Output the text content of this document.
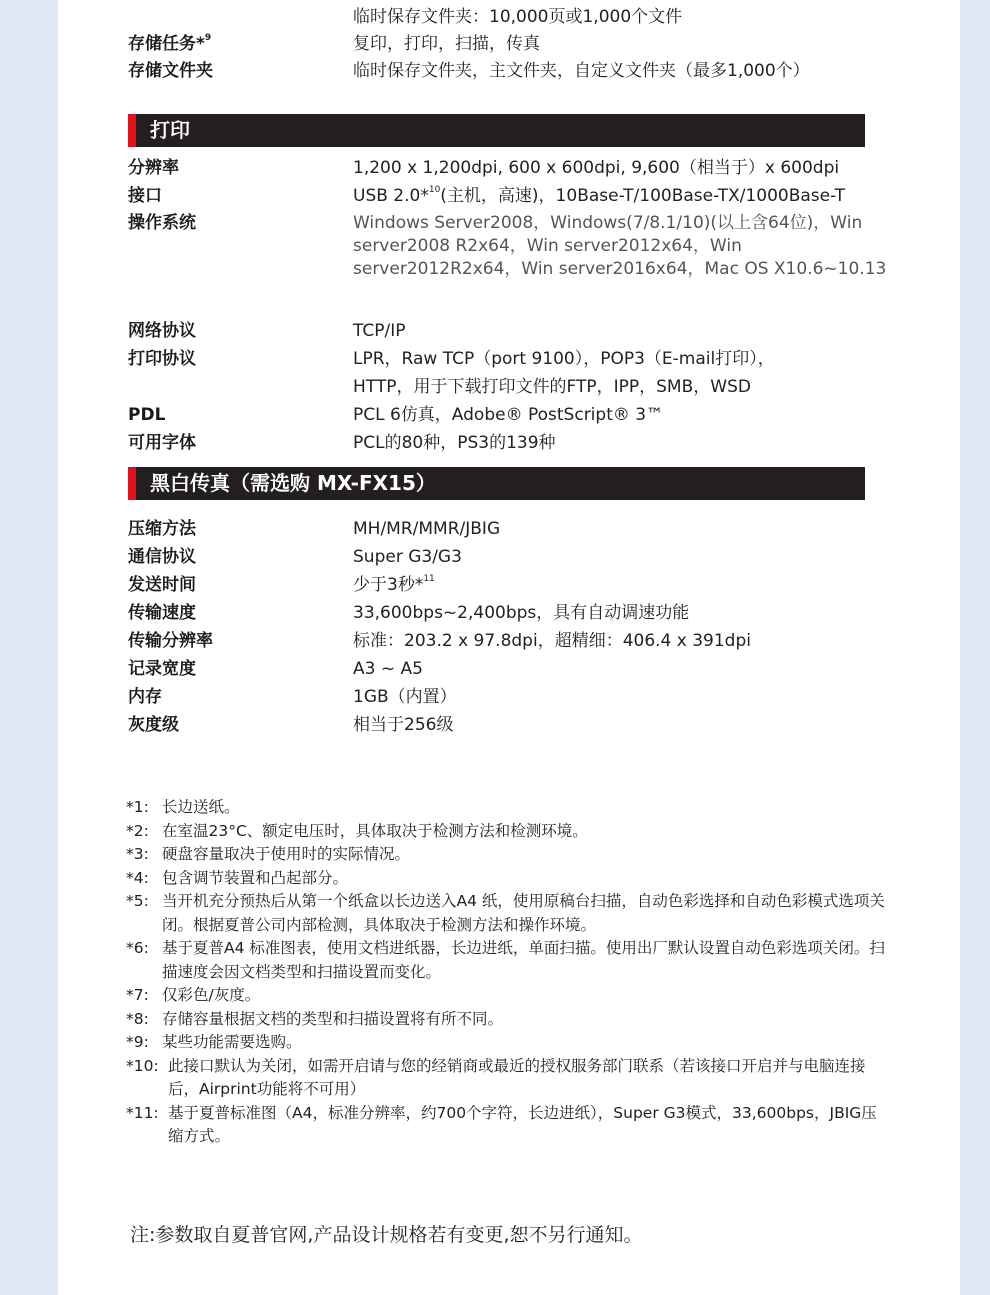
临时保存文件夹：10,000页或1,000个文件
存储任务*$^9$	复印，打印，扫描，传真
存储文件夹	临时保存文件夹，主文件夹，自定义文件夹（最多1,000个）
打印
分辨率	1,200 x 1,200dpi, 600 x 600dpi, 9,600（相当于）x 600dpi
接口	USB 2.0*$^{10}$(主机，高速)，10Base-T/100Base-TX/1000Base-T
操作系统	Windows Server2008，Windows(7/8.1/10)(以上含64位)，Win server2008 R2x64，Win server2012x64，Win server2012R2x64，Win server2016x64，Mac OS X10.6~10.13
网络协议	TCP/IP
打印协议	LPR，Raw TCP（port 9100），POP3（E-mail打印），HTTP，用于下载打印文件的FTP，IPP，SMB，WSD
PDL	PCL 6仿真，Adobe® PostScript® 3™
可用字体	PCL的80种，PS3的139种
黑白传真（需选购 MX-FX15）
压缩方法	MH/MR/MMR/JBIG
通信协议	Super G3/G3
发送时间	少于3秒*$^{11}$
传输速度	33,600bps~2,400bps，具有自动调速功能
传输分辨率	标准：203.2 x 97.8dpi，超精细：406.4 x 391dpi
记录宽度	A3 ~ A5
内存	1GB（内置）
灰度级	相当于256级
*1: 长边送纸。
*2: 在室温23°C、额定电压时，具体取决于检测方法和检测环境。
*3: 硬盘容量取决于使用时的实际情况。
*4: 包含调节装置和凸起部分。
*5: 当开机充分预热后从第一个纸盒以长边送入A4 纸，使用原稿台扫描，自动色彩选择和自动色彩模式选项关闭。根据夏普公司内部检测，具体取决于检测方法和操作环境。
*6: 基于夏普A4 标准图表，使用文档进纸器，长边进纸，单面扫描。使用出厂默认设置自动色彩选项关闭。扫描速度会因文档类型和扫描设置而变化。
*7: 仅彩色/灰度。
*8: 存储容量根据文档的类型和扫描设置将有所不同。
*9: 某些功能需要选购。
*10: 此接口默认为关闭，如需开启请与您的经销商或最近的授权服务部门联系（若该接口开启并与电脑连接后，Airprint功能将不可用）
*11: 基于夏普标准图（A4，标准分辨率，约700个字符，长边进纸），Super G3模式，33,600bps，JBIG压缩方式。
注:参数取自夏普官网,产品设计规格若有变更,恕不另行通知。
